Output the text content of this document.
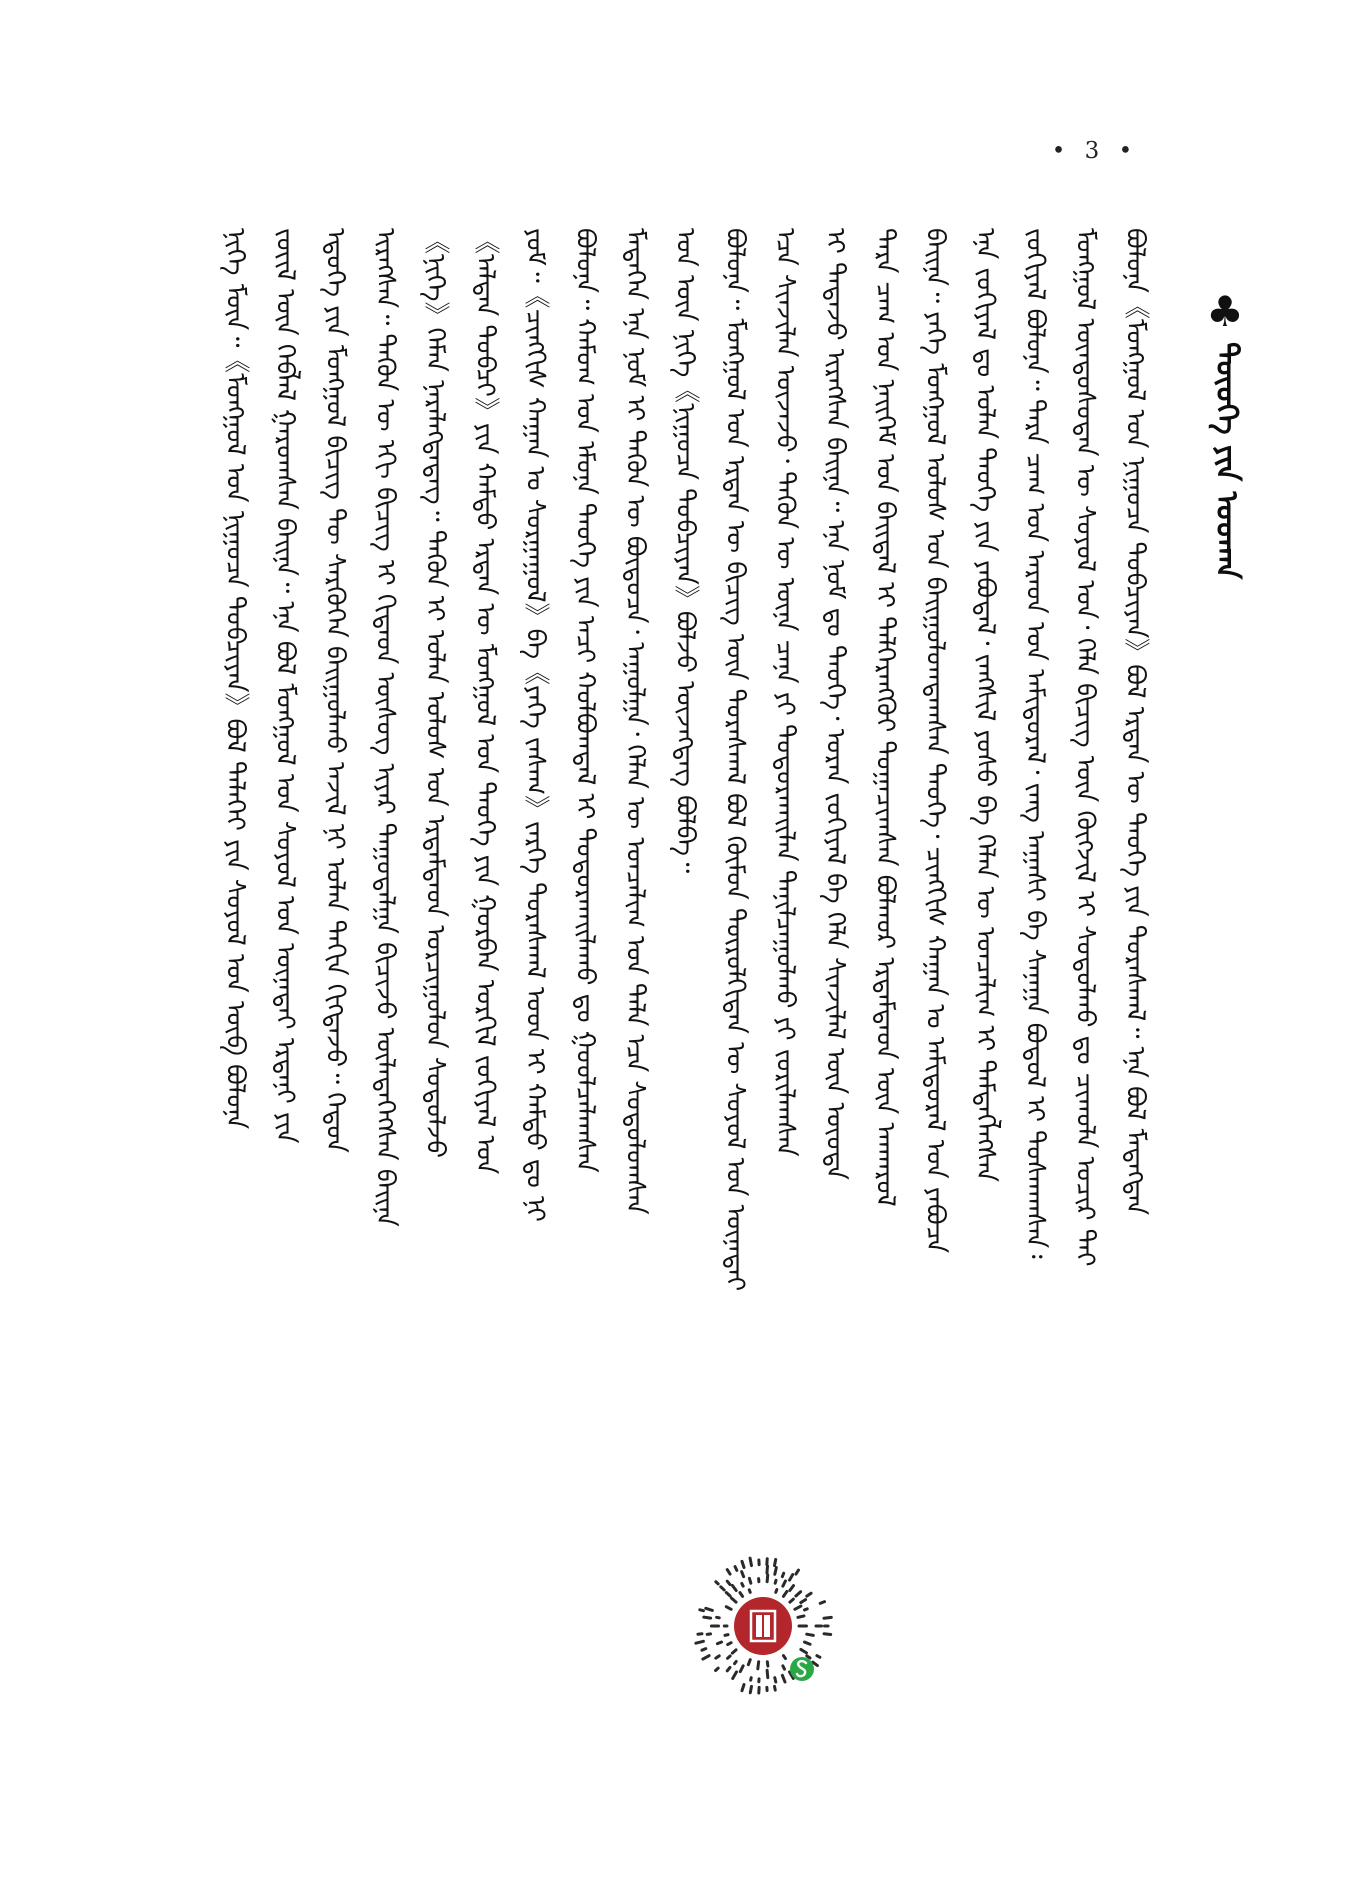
• 3 •
♣
ᠲᠦᠦᠬᠡ ᠶᠢᠨ ᠤᠳᠬᠠ
ᠪᠣᠯᠤᠨᠠ《ᠮᠣᠩᠭᠣᠯ ᠤᠨ ᠨᠢᠭᠤᠴᠠ ᠲᠣᠪᠴᠢᠶᠠᠨ》ᠪᠣᠯ ᠡᠷᠲᠡᠨ ᠦ ᠲᠡᠦᠬᠡ ᠶᠢᠨ ᠳᠤᠷᠠᠰᠬᠠᠯ᠃ ᠡᠨᠡ ᠪᠣᠯ ᠮᠡᠳᠡᠭᠳᠡᠨ
ᠮᠣᠩᠭᠣᠯ ᠦᠨᠳᠦᠰᠦᠲᠡᠨ ᠦ ᠰᠣᠶᠣᠯ ᠤᠨ᠂ ᠬᠡᠯᠡ ᠪᠢᠴᠢᠭ ᠦᠨ ᠬᠦᠭᠵᠢᠯ ᠢ ᠰᠤᠳᠤᠯᠬᠤ ᠳᠤ ᠴᠢᠬᠤᠯᠠ ᠤᠴᠢᠷ ᠲᠠᠢ
ᠵᠣᠬᠢᠶᠠᠯ ᠪᠣᠯᠤᠨᠠ᠃ ᠲᠡᠷᠡ ᠴᠠᠭ ᠤᠨ ᠠᠷᠠᠳ ᠤᠨ ᠠᠮᠢᠳᠤᠷᠠᠯ᠂ ᠵᠠᠩ ᠠᠭᠠᠰᠢ ᠪᠠ ᠰᠠᠨᠠᠭᠠ ᠪᠣᠳᠤᠯ ᠢ ᠲᠤᠰᠬᠠᠭᠰᠠᠨ᠄
ᠡᠨᠡ ᠵᠣᠬᠢᠶᠠᠯ ᠳᠤ ᠤᠯᠠᠨ ᠲᠡᠦᠬᠡ ᠶᠢᠨ ᠶᠠᠪᠤᠳᠠᠯ᠂ ᠵᠠᠩᠰᠢᠯ ᠶᠣᠰᠤ ᠪᠠ ᠬᠡᠯᠡᠨ ᠦ ᠣᠨᠴᠠᠯᠢᠭ ᠢ ᠲᠡᠮᠳᠡᠭᠯᠡᠭᠰᠡᠨ
ᠪᠠᠢᠨᠠ᠃ ᠶᠡᠬᠡ ᠮᠣᠩᠭᠣᠯ ᠤᠯᠤᠰ ᠤᠨ ᠪᠠᠢᠭᠤᠯᠤᠭᠳᠠᠭᠰᠠᠨ ᠲᠡᠦᠬᠡ᠂ ᠴᠢᠩᠭᠢᠰ ᠬᠠᠭᠠᠨ ᠤ ᠠᠮᠢᠳᠤᠷᠠᠯ ᠤᠨ ᠶᠠᠪᠤᠴᠠ
ᠲᠡᠷᠡ ᠴᠠᠭ ᠤᠨ ᠨᠡᠢᠭᠡᠮ ᠤᠨ ᠪᠠᠢᠳᠠᠯ ᠢ ᠳᠡᠯᠭᠡᠷᠡᠩᠭᠦᠢ ᠲᠣᠭᠠᠴᠢᠭᠰᠠᠨ ᠪᠣᠯᠬᠣᠷ ᠡᠷᠳᠡᠮᠲᠡᠳ ᠦᠨ ᠠᠨᠬᠠᠷᠤᠯ
ᠢ ᠲᠠᠲᠠᠵᠤ ᠢᠷᠡᠭᠰᠡᠨ ᠪᠠᠢᠨᠠ᠃ ᠡᠨᠡ ᠨᠣᠮ ᠳᠤ ᠲᠡᠦᠬᠡ᠂ ᠤᠷᠠᠨ ᠵᠣᠬᠢᠶᠠᠯ ᠪᠠ ᠬᠡᠯᠡ ᠰᠢᠨᠵᠢᠯᠡᠯ ᠦᠨ ᠦᠦᠳᠡ
ᠡᠴᠡ ᠰᠢᠨᠵᠢᠯᠡᠨ ᠦᠵᠡᠵᠦ᠂ ᠲᠡᠭᠦᠨ ᠦ ᠦᠨᠡ ᠴᠡᠨᠡ ᠶᠢ ᠲᠣᠳᠣᠷᠬᠠᠢᠯᠠᠨ ᠲᠠᠨᠢᠯᠴᠠᠭᠤᠯᠬᠤ ᠶᠢ ᠵᠣᠷᠢᠯᠠᠭᠰᠠᠨ
ᠪᠣᠯᠤᠨᠠ᠃ ᠮᠣᠩᠭᠣᠯ ᠤᠨ ᠡᠷᠲᠡᠨ ᠦ ᠪᠢᠴᠢᠭ ᠦᠨ ᠳᠤᠷᠠᠰᠬᠠᠯ ᠪᠣᠯ ᠬᠦᠮᠦᠨ ᠲᠦᠷᠦᠯᠬᠢᠲᠡᠨ ᠦ ᠰᠣᠶᠣᠯ ᠤᠨ ᠦᠨᠡᠲᠡᠢ
ᠡᠳ ᠦᠨ ᠨᠢᠭᠡ《ᠨᠢᠭᠤᠴᠠ ᠲᠣᠪᠴᠢᠶᠠᠨ》ᠪᠣᠯᠵᠤ ᠦᠵᠡᠭᠳᠡᠭ ᠪᠣᠯᠪᠠ᠃
ᠮᠡᠳᠡᠭᠡᠨ ᠡᠨᠡ ᠨᠣᠮ ᠢ ᠲᠡᠭᠦᠨ ᠦ ᠪᠦᠲᠦᠴᠡ᠂ ᠠᠭᠤᠯᠭᠠ᠂ ᠬᠡᠯᠡᠨ ᠦ ᠣᠨᠴᠠᠯᠢᠭ ᠤᠨ ᠲᠠᠯᠠ ᠡᠴᠡ ᠰᠤᠳᠤᠯᠤᠭᠰᠠᠨ
ᠪᠣᠯᠤᠨᠠ᠃ ᠬᠠᠮᠤᠭ ᠤᠨ ᠡᠮᠦᠨᠡ ᠲᠡᠦᠬᠡ ᠶᠢᠨ ᠠᠴᠢ ᠬᠣᠯᠪᠣᠭᠳᠠᠯ ᠢ ᠲᠣᠳᠣᠷᠬᠠᠢᠯᠠᠬᠤ ᠳᠤ ᠭᠣᠣᠯᠴᠠᠯᠠᠭᠰᠠᠨ
ᠶᠤᠮ᠃《ᠴᠢᠩᠭᠢᠰ ᠬᠠᠭᠠᠨ ᠤ ᠰᠤᠷᠭᠠᠭᠤᠯ》ᠪᠠ《ᠶᠡᠬᠡ ᠵᠠᠰᠠᠭ》ᠵᠡᠷᠭᠡ ᠳᠤᠷᠠᠰᠬᠠᠯ ᠤᠳ ᠢ ᠬᠠᠮᠲᠤ ᠳᠤ ᠨᠢ
《ᠠᠯᠲᠠᠨ ᠲᠣᠪᠴᠢ》ᠶᠢᠨ ᠬᠠᠮᠲᠤ ᠡᠷᠲᠡᠨ ᠦ ᠮᠣᠩᠭᠣᠯ ᠤᠨ ᠲᠡᠦᠬᠡ ᠶᠢᠨ ᠭᠤᠷᠪᠠᠨ ᠣᠷᠭᠢᠯ ᠵᠣᠬᠢᠶᠠᠯ ᠤᠨ
《ᠨᠢᠭᠡ》ᠬᠡᠮᠡᠨ ᠨᠡᠷᠡᠯᠡᠭᠳᠡᠳᠡᠭ᠃ ᠲᠡᠭᠦᠨ ᠢ ᠣᠯᠠᠨ ᠤᠯᠤᠰ ᠤᠨ ᠡᠷᠳᠡᠮᠲᠡᠳ ᠣᠷᠴᠢᠭᠤᠯᠤᠨ ᠰᠤᠳᠤᠯᠵᠤ
ᠢᠷᠡᠭᠰᠡᠨ᠃ ᠲᠡᠭᠦᠨ ᠦ ᠡᠬᠢ ᠪᠢᠴᠢᠭ ᠢ ᠬᠢᠳᠠᠳ ᠦᠰᠦᠭ ᠢᠶᠡᠷ ᠳᠠᠭᠤᠳᠠᠯᠭᠠ ᠪᠢᠴᠢᠵᠦ ᠦᠯᠡᠳᠡᠭᠡᠭᠰᠡᠨ ᠪᠠᠢᠨᠠ
ᠡᠳᠦᠭᠡ ᠶᠢᠨ ᠮᠣᠩᠭᠣᠯ ᠪᠢᠴᠢᠭ ᠲᠦ ᠰᠡᠷᠭᠦᠭᠡᠨ ᠪᠠᠢᠭᠤᠯᠬᠤ ᠠᠵᠢᠯ ᠨᠢ ᠣᠯᠠᠨ ᠳᠠᠬᠢᠨ ᠬᠢᠭᠳᠡᠵᠦ᠃ ᠬᠡᠳᠦᠨ
ᠵᠦᠢᠯ ᠦᠨ ᠬᠡᠪᠯᠡᠯ ᠭᠠᠷᠤᠭᠰᠠᠨ ᠪᠠᠢᠨᠠ᠃ ᠡᠨᠡ ᠪᠣᠯ ᠮᠣᠩᠭᠣᠯ ᠤᠨ ᠰᠣᠶᠣᠯ ᠤᠨ ᠦᠨᠡᠲᠡᠢ ᠡᠷᠳᠡᠨᠢ ᠶᠢᠨ
ᠨᠢᠭᠡ ᠮᠥᠨ᠃《ᠮᠣᠩᠭᠣᠯ ᠤᠨ ᠨᠢᠭᠤᠴᠠ ᠲᠣᠪᠴᠢᠶᠠᠨ》ᠪᠣᠯ ᠳᠡᠯᠡᠬᠡᠢ ᠶᠢᠨ ᠰᠣᠶᠣᠯ ᠤᠨ ᠥᠪ ᠪᠣᠯᠤᠨᠠ
